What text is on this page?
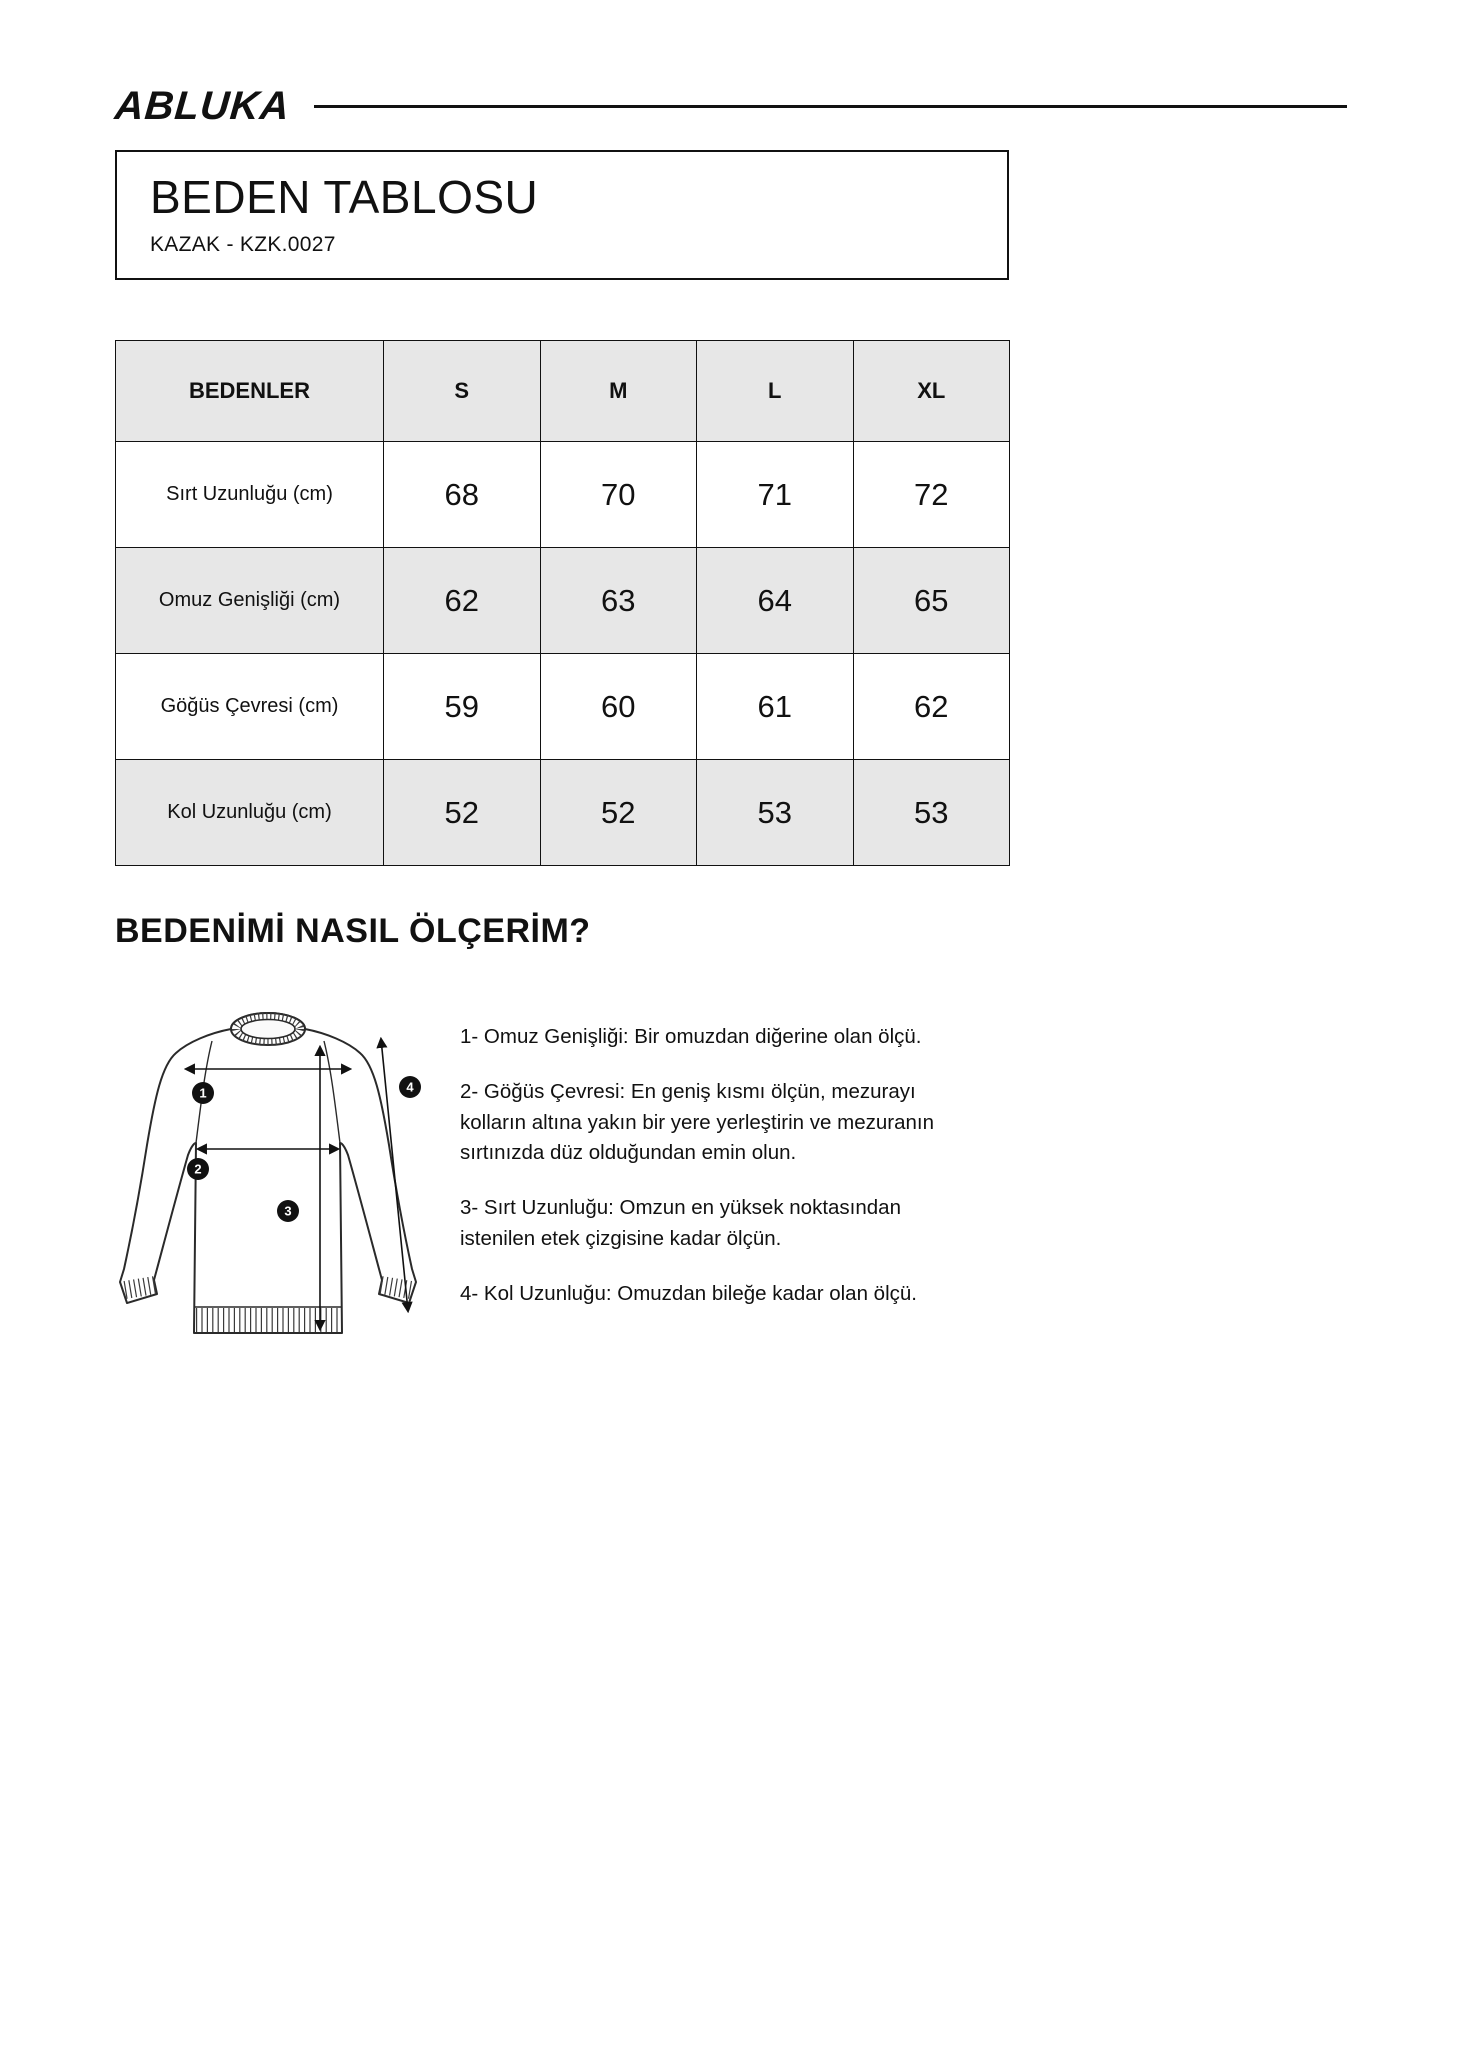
ABLUKA
BEDEN TABLOSU
KAZAK - KZK.0027
BEDENLER	S	M	L	XL
Sırt Uzunluğu (cm)	68	70	71	72
Omuz Genişliği (cm)	62	63	64	65
Göğüs Çevresi (cm)	59	60	61	62
Kol Uzunluğu (cm)	52	52	53	53
BEDENİMİ NASIL ÖLÇERİM?
1
2
3
4

1- Omuz Genişliği: Bir omuzdan diğerine olan ölçü.

2- Göğüs Çevresi: En geniş kısmı ölçün, mezurayı kolların altına yakın bir yere yerleştirin ve mezuranın sırtınızda düz olduğundan emin olun.

3- Sırt Uzunluğu: Omzun en yüksek noktasından istenilen etek çizgisine kadar ölçün.

4- Kol Uzunluğu: Omuzdan bileğe kadar olan ölçü.
